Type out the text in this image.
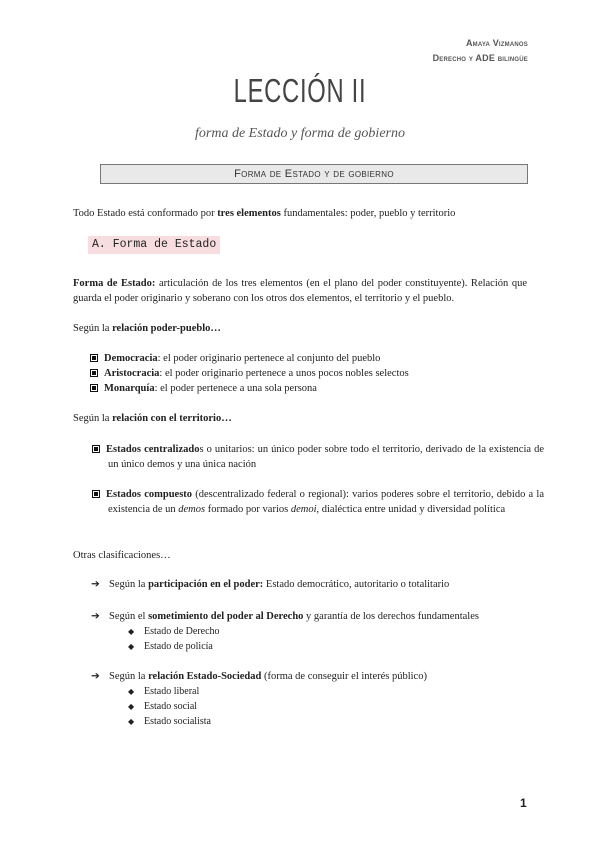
Amaya Vizmanos
Derecho y ADE bilingüe
LECCIÓN II
forma de Estado y forma de gobierno
Forma de Estado y de gobierno
Todo Estado está conformado por tres elementos fundamentales: poder, pueblo y territorio
A. Forma de Estado
Forma de Estado: articulación de los tres elementos (en el plano del poder constituyente). Relación que guarda el poder originario y soberano con los otros dos elementos, el territorio y el pueblo.
Según la relación poder-pueblo…
Democracia: el poder originario pertenece al conjunto del pueblo
Aristocracia: el poder originario pertenece a unos pocos nobles selectos
Monarquía: el poder pertenece a una sola persona
Según la relación con el territorio…
Estados centralizados o unitarios: un único poder sobre todo el territorio, derivado de la existencia de un único demos y una única nación
Estados compuesto (descentralizado federal o regional): varios poderes sobre el territorio, debido a la existencia de un demos formado por varios demoi, dialéctica entre unidad y diversidad política
Otras clasificaciones…
➔ Según la participación en el poder: Estado democrático, autoritario o totalitario
➔ Según el sometimiento del poder al Derecho y garantía de los derechos fundamentales
◆ Estado de Derecho
◆ Estado de policía
➔ Según la relación Estado-Sociedad (forma de conseguir el interés público)
◆ Estado liberal
◆ Estado social
◆ Estado socialista
1
